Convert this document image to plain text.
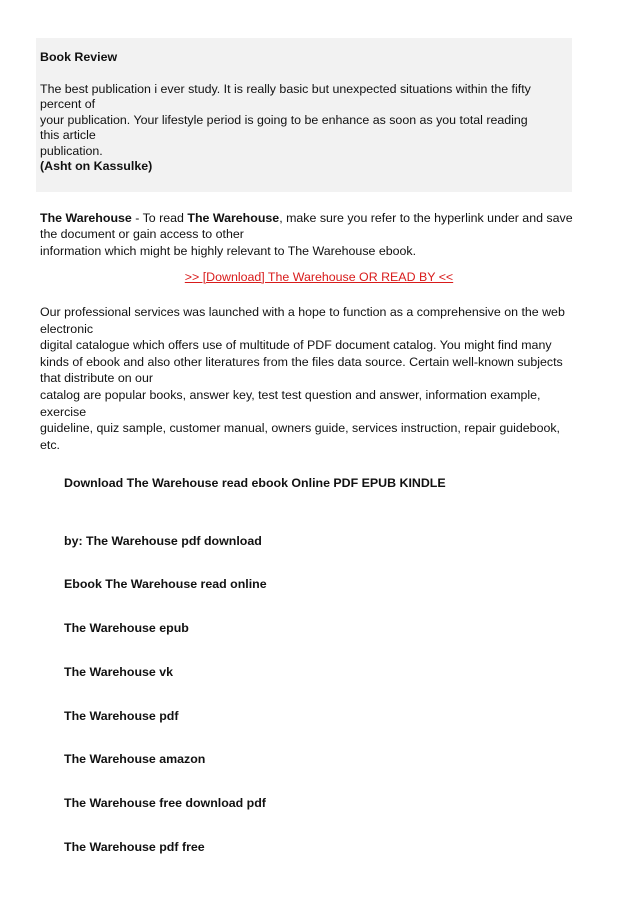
Book Review
The best publication i ever study. It is really basic but unexpected situations within the fifty
percent of
your publication. Your lifestyle period is going to be enhance as soon as you total reading
this article
publication.
(Asht on Kassulke)
The Warehouse - To read The Warehouse, make sure you refer to the hyperlink under and save
the document or gain access to other
information which might be highly relevant to The Warehouse ebook.
>> [Download] The Warehouse OR READ BY <<
Our professional services was launched with a hope to function as a comprehensive on the web
electronic
digital catalogue which offers use of multitude of PDF document catalog. You might find many
kinds of ebook and also other literatures from the files data source. Certain well-known subjects
that distribute on our
catalog are popular books, answer key, test test question and answer, information example,
exercise
guideline, quiz sample, customer manual, owners guide, services instruction, repair guidebook,
etc.
Download The Warehouse read ebook Online PDF EPUB KINDLE
by: The Warehouse pdf download
Ebook The Warehouse read online
The Warehouse epub
The Warehouse vk
The Warehouse pdf
The Warehouse amazon
The Warehouse free download pdf
The Warehouse pdf free
